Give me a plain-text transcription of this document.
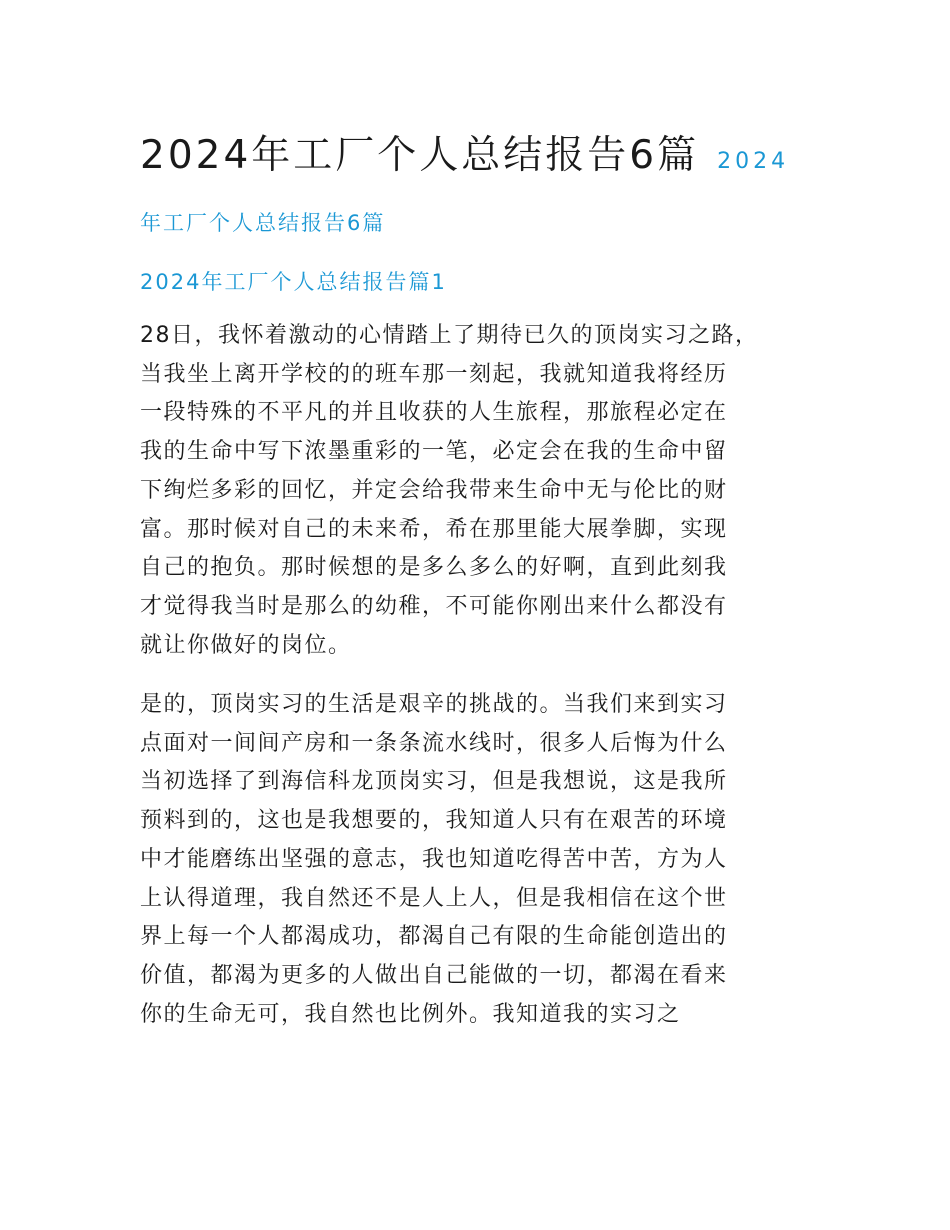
2024年工厂个人总结报告6篇 2024
年工厂个人总结报告6篇
2024年工厂个人总结报告篇1
28日，我怀着激动的心情踏上了期待已久的顶岗实习之路，
当我坐上离开学校的的班车那一刻起，我就知道我将经历
一段特殊的不平凡的并且收获的人生旅程，那旅程必定在
我的生命中写下浓墨重彩的一笔，必定会在我的生命中留
下绚烂多彩的回忆，并定会给我带来生命中无与伦比的财
富。那时候对自己的未来希，希在那里能大展拳脚，实现
自己的抱负。那时候想的是多么多么的好啊，直到此刻我
才觉得我当时是那么的幼稚，不可能你刚出来什么都没有
就让你做好的岗位。
是的，顶岗实习的生活是艰辛的挑战的。当我们来到实习
点面对一间间产房和一条条流水线时，很多人后悔为什么
当初选择了到海信科龙顶岗实习，但是我想说，这是我所
预料到的，这也是我想要的，我知道人只有在艰苦的环境
中才能磨练出坚强的意志，我也知道吃得苦中苦，方为人
上认得道理，我自然还不是人上人，但是我相信在这个世
界上每一个人都渴成功，都渴自己有限的生命能创造出的
价值，都渴为更多的人做出自己能做的一切，都渴在看来
你的生命无可，我自然也比例外。我知道我的实习之
